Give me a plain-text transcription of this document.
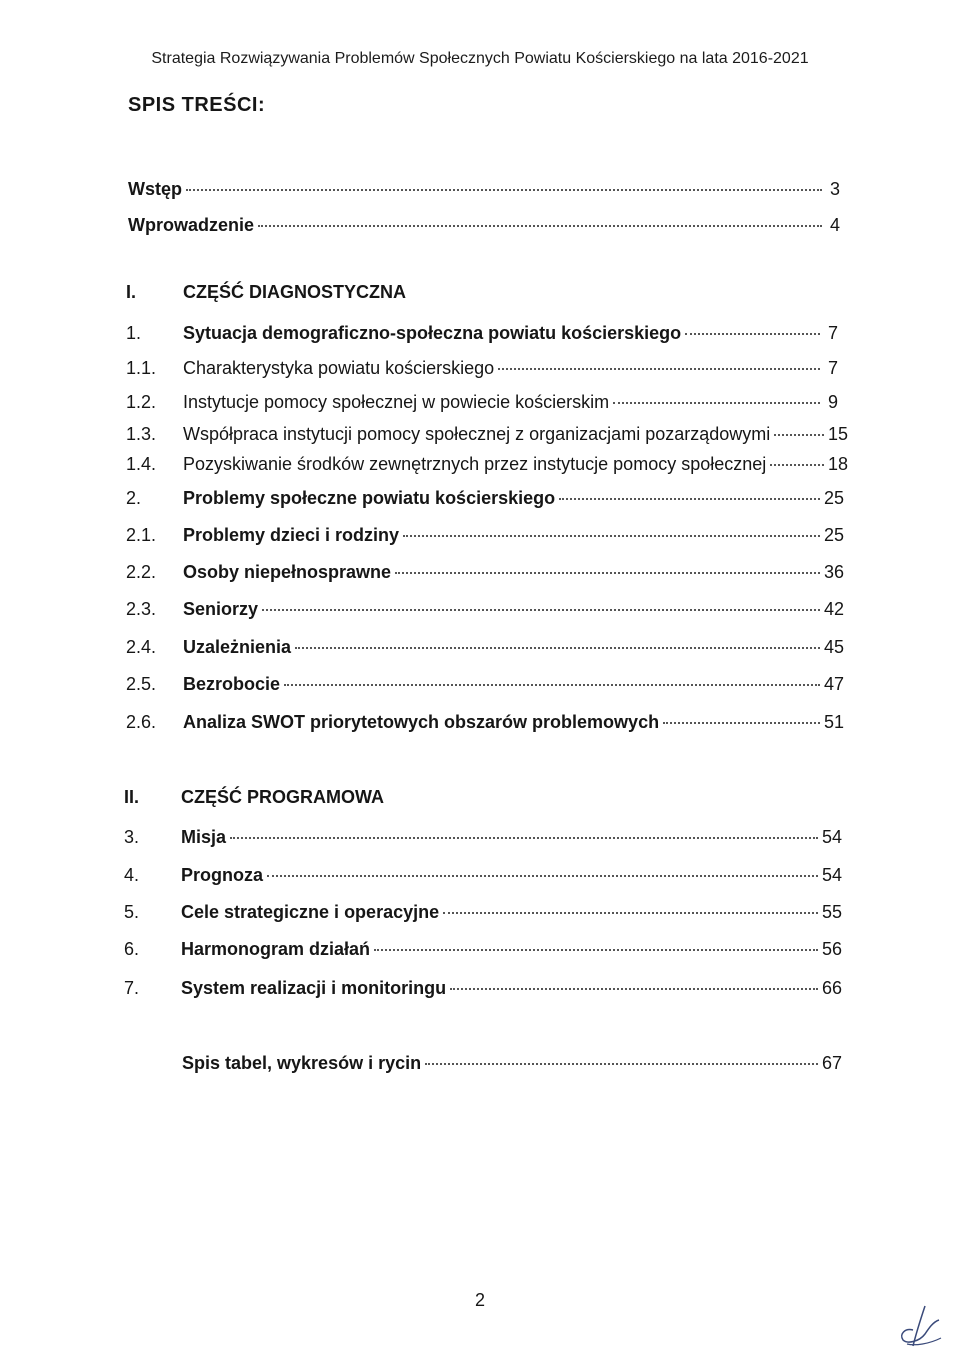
Strategia Rozwiązywania Problemów Społecznych Powiatu Kościerskiego na lata 2016-2021
SPIS TREŚCI:
Wstęp	3
Wprowadzenie	4
I.	CZĘŚĆ DIAGNOSTYCZNA
1.	Sytuacja demograficzno-społeczna powiatu kościerskiego	7
1.1.	Charakterystyka powiatu kościerskiego	7
1.2.	Instytucje pomocy społecznej w powiecie kościerskim	9
1.3.	Współpraca instytucji pomocy społecznej z organizacjami pozarządowymi	15
1.4.	Pozyskiwanie środków zewnętrznych przez instytucje pomocy społecznej	18
2.	Problemy społeczne powiatu kościerskiego	25
2.1.	Problemy dzieci i rodziny	25
2.2.	Osoby niepełnosprawne	36
2.3.	Seniorzy	42
2.4.	Uzależnienia	45
2.5.	Bezrobocie	47
2.6.	Analiza SWOT priorytetowych obszarów problemowych	51
II.	CZĘŚĆ PROGRAMOWA
3.	Misja	54
4.	Prognoza	54
5.	Cele strategiczne i operacyjne	55
6.	Harmonogram działań	56
7.	System realizacji i monitoringu	66
Spis tabel, wykresów i rycin	67
2
